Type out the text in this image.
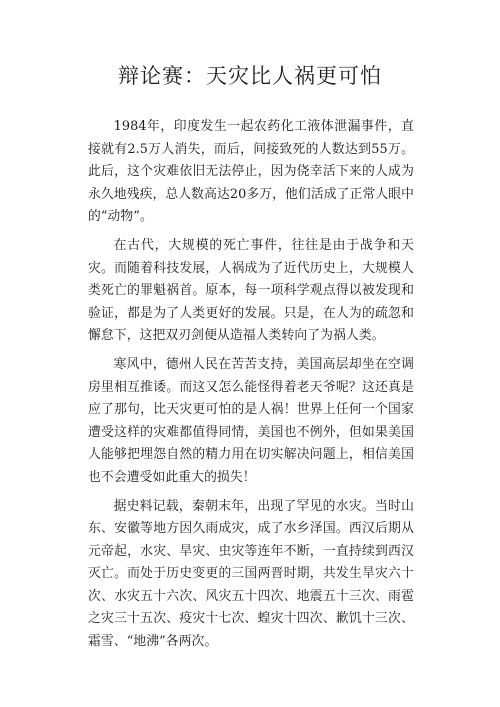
辩论赛：天灾比人祸更可怕

1984年，印度发生一起农药化工液体泄漏事件，直接就有2.5万人消失，而后，间接致死的人数达到55万。此后，这个灾难依旧无法停止，因为侥幸活下来的人成为永久地残疾，总人数高达20多万，他们活成了正常人眼中的“动物”。

在古代，大规模的死亡事件，往往是由于战争和天灾。而随着科技发展，人祸成为了近代历史上，大规模人类死亡的罪魁祸首。原本，每一项科学观点得以被发现和验证，都是为了人类更好的发展。只是，在人为的疏忽和懈怠下，这把双刃剑便从造福人类转向了为祸人类。

寒风中，德州人民在苦苦支持，美国高层却坐在空调房里相互推诿。而这又怎么能怪得着老天爷呢？这还真是应了那句，比天灾更可怕的是人祸！世界上任何一个国家遭受这样的灾难都值得同情，美国也不例外，但如果美国人能够把埋怨自然的精力用在切实解决问题上，相信美国也不会遭受如此重大的损失！

据史料记载，秦朝末年，出现了罕见的水灾。当时山东、安徽等地方因久雨成灾，成了水乡泽国。西汉后期从元帝起，水灾、旱灾、虫灾等连年不断，一直持续到西汉灭亡。而处于历史变更的三国两晋时期，共发生旱灾六十次、水灾五十六次、风灾五十四次、地震五十三次、雨雹之灾三十五次、疫灾十七次、蝗灾十四次、歉饥十三次、霜雪、“地沸”各两次。
